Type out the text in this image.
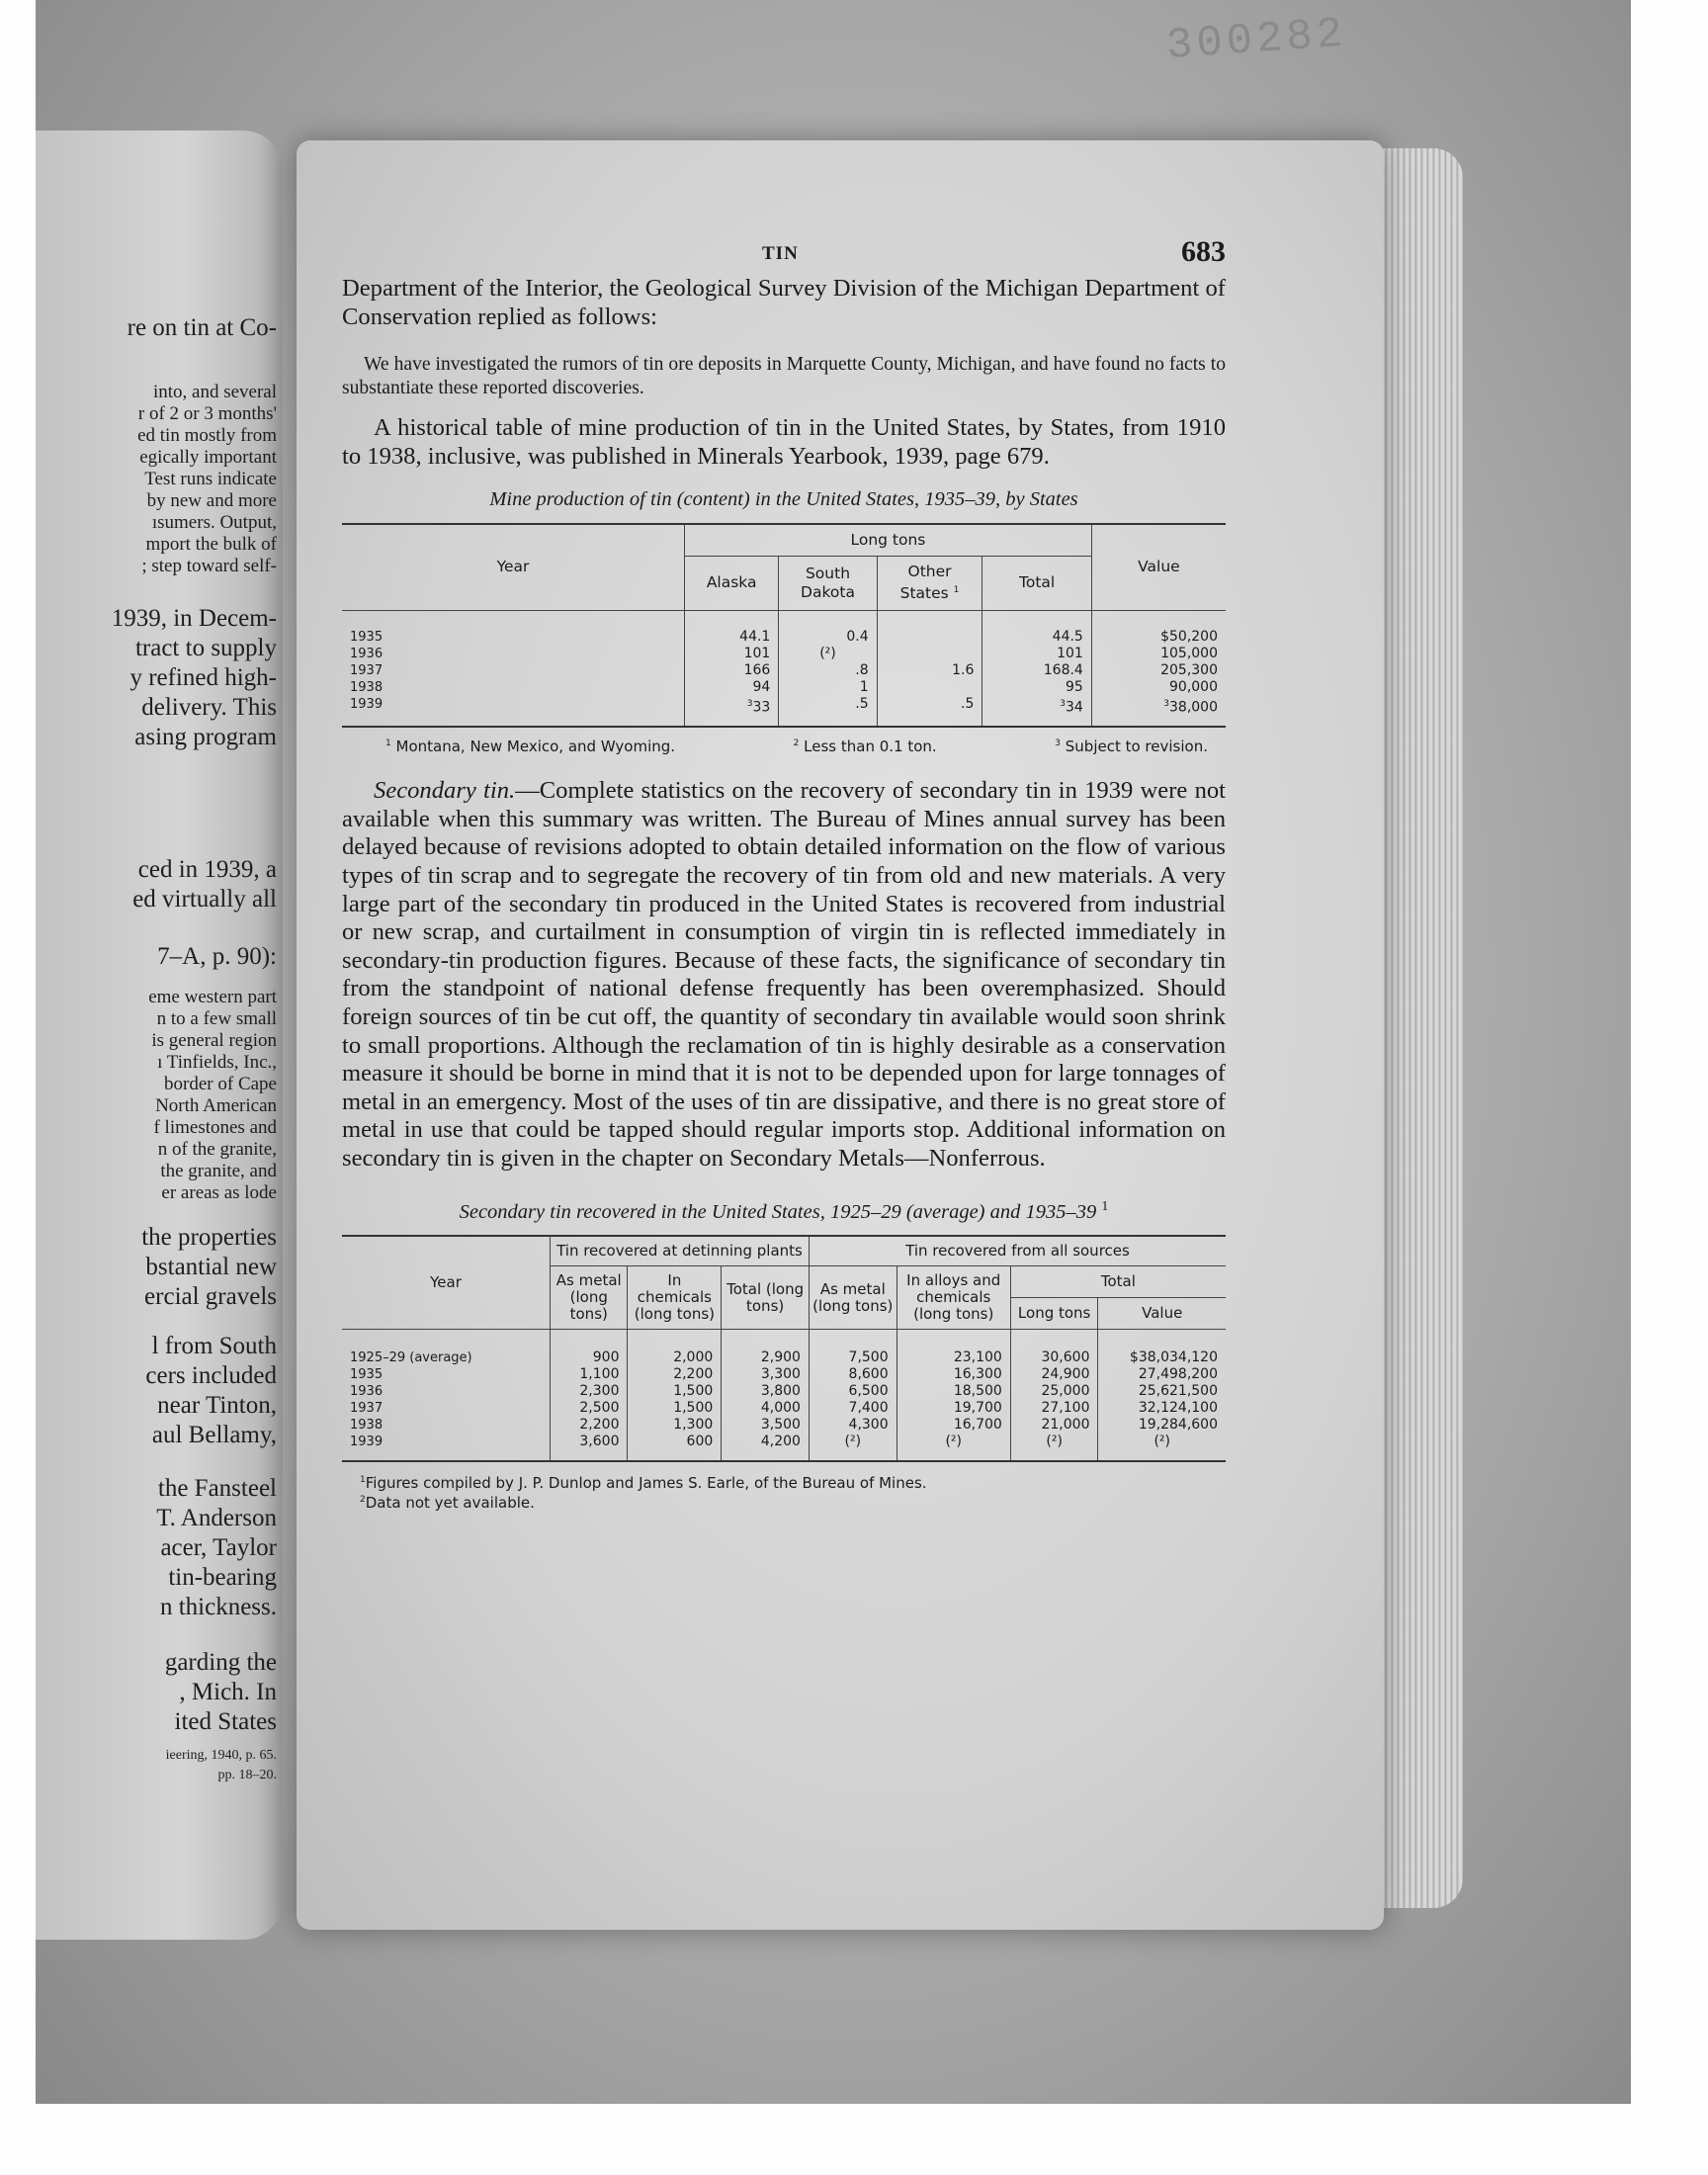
300282
re on tin at Co-
into, and several
r of 2 or 3 months'
ed tin mostly from
egically important
Test runs indicate
by new and more
ısumers. Output,
mport the bulk of
; step toward self-
1939, in Decem-
tract to supply
y refined high-
delivery. This
asing program
ced in 1939, a
ed virtually all
7–A, p. 90):
eme western part
n to a few small
is general region
ı Tinfields, Inc.,
border of Cape
North American
f limestones and
n of the granite,
the granite, and
er areas as lode
the properties
bstantial new
ercial gravels
l from South
cers included
near Tinton,
aul Bellamy,
the Fansteel
T. Anderson
acer, Taylor
tin-bearing
n thickness.
garding the
, Mich. In
ited States
ieering, 1940, p. 65.
pp. 18–20.
TIN	683

Department of the Interior, the Geological Survey Division of the Michigan Department of Conservation replied as follows:

We have investigated the rumors of tin ore deposits in Marquette County, Michigan, and have found no facts to substantiate these reported discoveries.

A historical table of mine production of tin in the United States, by States, from 1910 to 1938, inclusive, was published in Minerals Yearbook, 1939, page 679.

Mine production of tin (content) in the United States, 1935–39, by States
Year	Long tons				Value
	Alaska	South Dakota	Other States $^1$	Total	
1935	44.1	0.4		44.5	$50,200
1936	101	(²)		101	105,000
1937	166	.8	1.6	168.4	205,300
1938	94	1		95	90,000
1939	$^3$33	.5	.5	$^3$34	$^3$38,000
$^1$ Montana, New Mexico, and Wyoming.	$^2$ Less than 0.1 ton.	$^3$ Subject to revision.

Secondary tin.—Complete statistics on the recovery of secondary tin in 1939 were not available when this summary was written. The Bureau of Mines annual survey has been delayed because of revisions adopted to obtain detailed information on the flow of various types of tin scrap and to segregate the recovery of tin from old and new materials. A very large part of the secondary tin produced in the United States is recovered from industrial or new scrap, and curtailment in consumption of virgin tin is reflected immediately in secondary-tin production figures. Because of these facts, the significance of secondary tin from the standpoint of national defense frequently has been overemphasized. Should foreign sources of tin be cut off, the quantity of secondary tin available would soon shrink to small proportions. Although the reclamation of tin is highly desirable as a conservation measure it should be borne in mind that it is not to be depended upon for large tonnages of metal in an emergency. Most of the uses of tin are dissipative, and there is no great store of metal in use that could be tapped should regular imports stop. Additional information on secondary tin is given in the chapter on Secondary Metals—Nonferrous.

Secondary tin recovered in the United States, 1925–29 (average) and 1935–39 $^1$
Year	Tin recovered at detinning plants			Tin recovered from all sources			
	As metal (long tons)	In chemicals (long tons)	Total (long tons)	As metal (long tons)	In alloys and chemicals (long tons)	Total	
						Long tons	Value
1925–29 (average)	900	2,000	2,900	7,500	23,100	30,600	$38,034,120
1935	1,100	2,200	3,300	8,600	16,300	24,900	27,498,200
1936	2,300	1,500	3,800	6,500	18,500	25,000	25,621,500
1937	2,500	1,500	4,000	7,400	19,700	27,100	32,124,100
1938	2,200	1,300	3,500	4,300	16,700	21,000	19,284,600
1939	3,600	600	4,200	(²)	(²)	(²)	(²)
$^1$Figures compiled by J. P. Dunlop and James S. Earle, of the Bureau of Mines.
$^2$Data not yet available.
